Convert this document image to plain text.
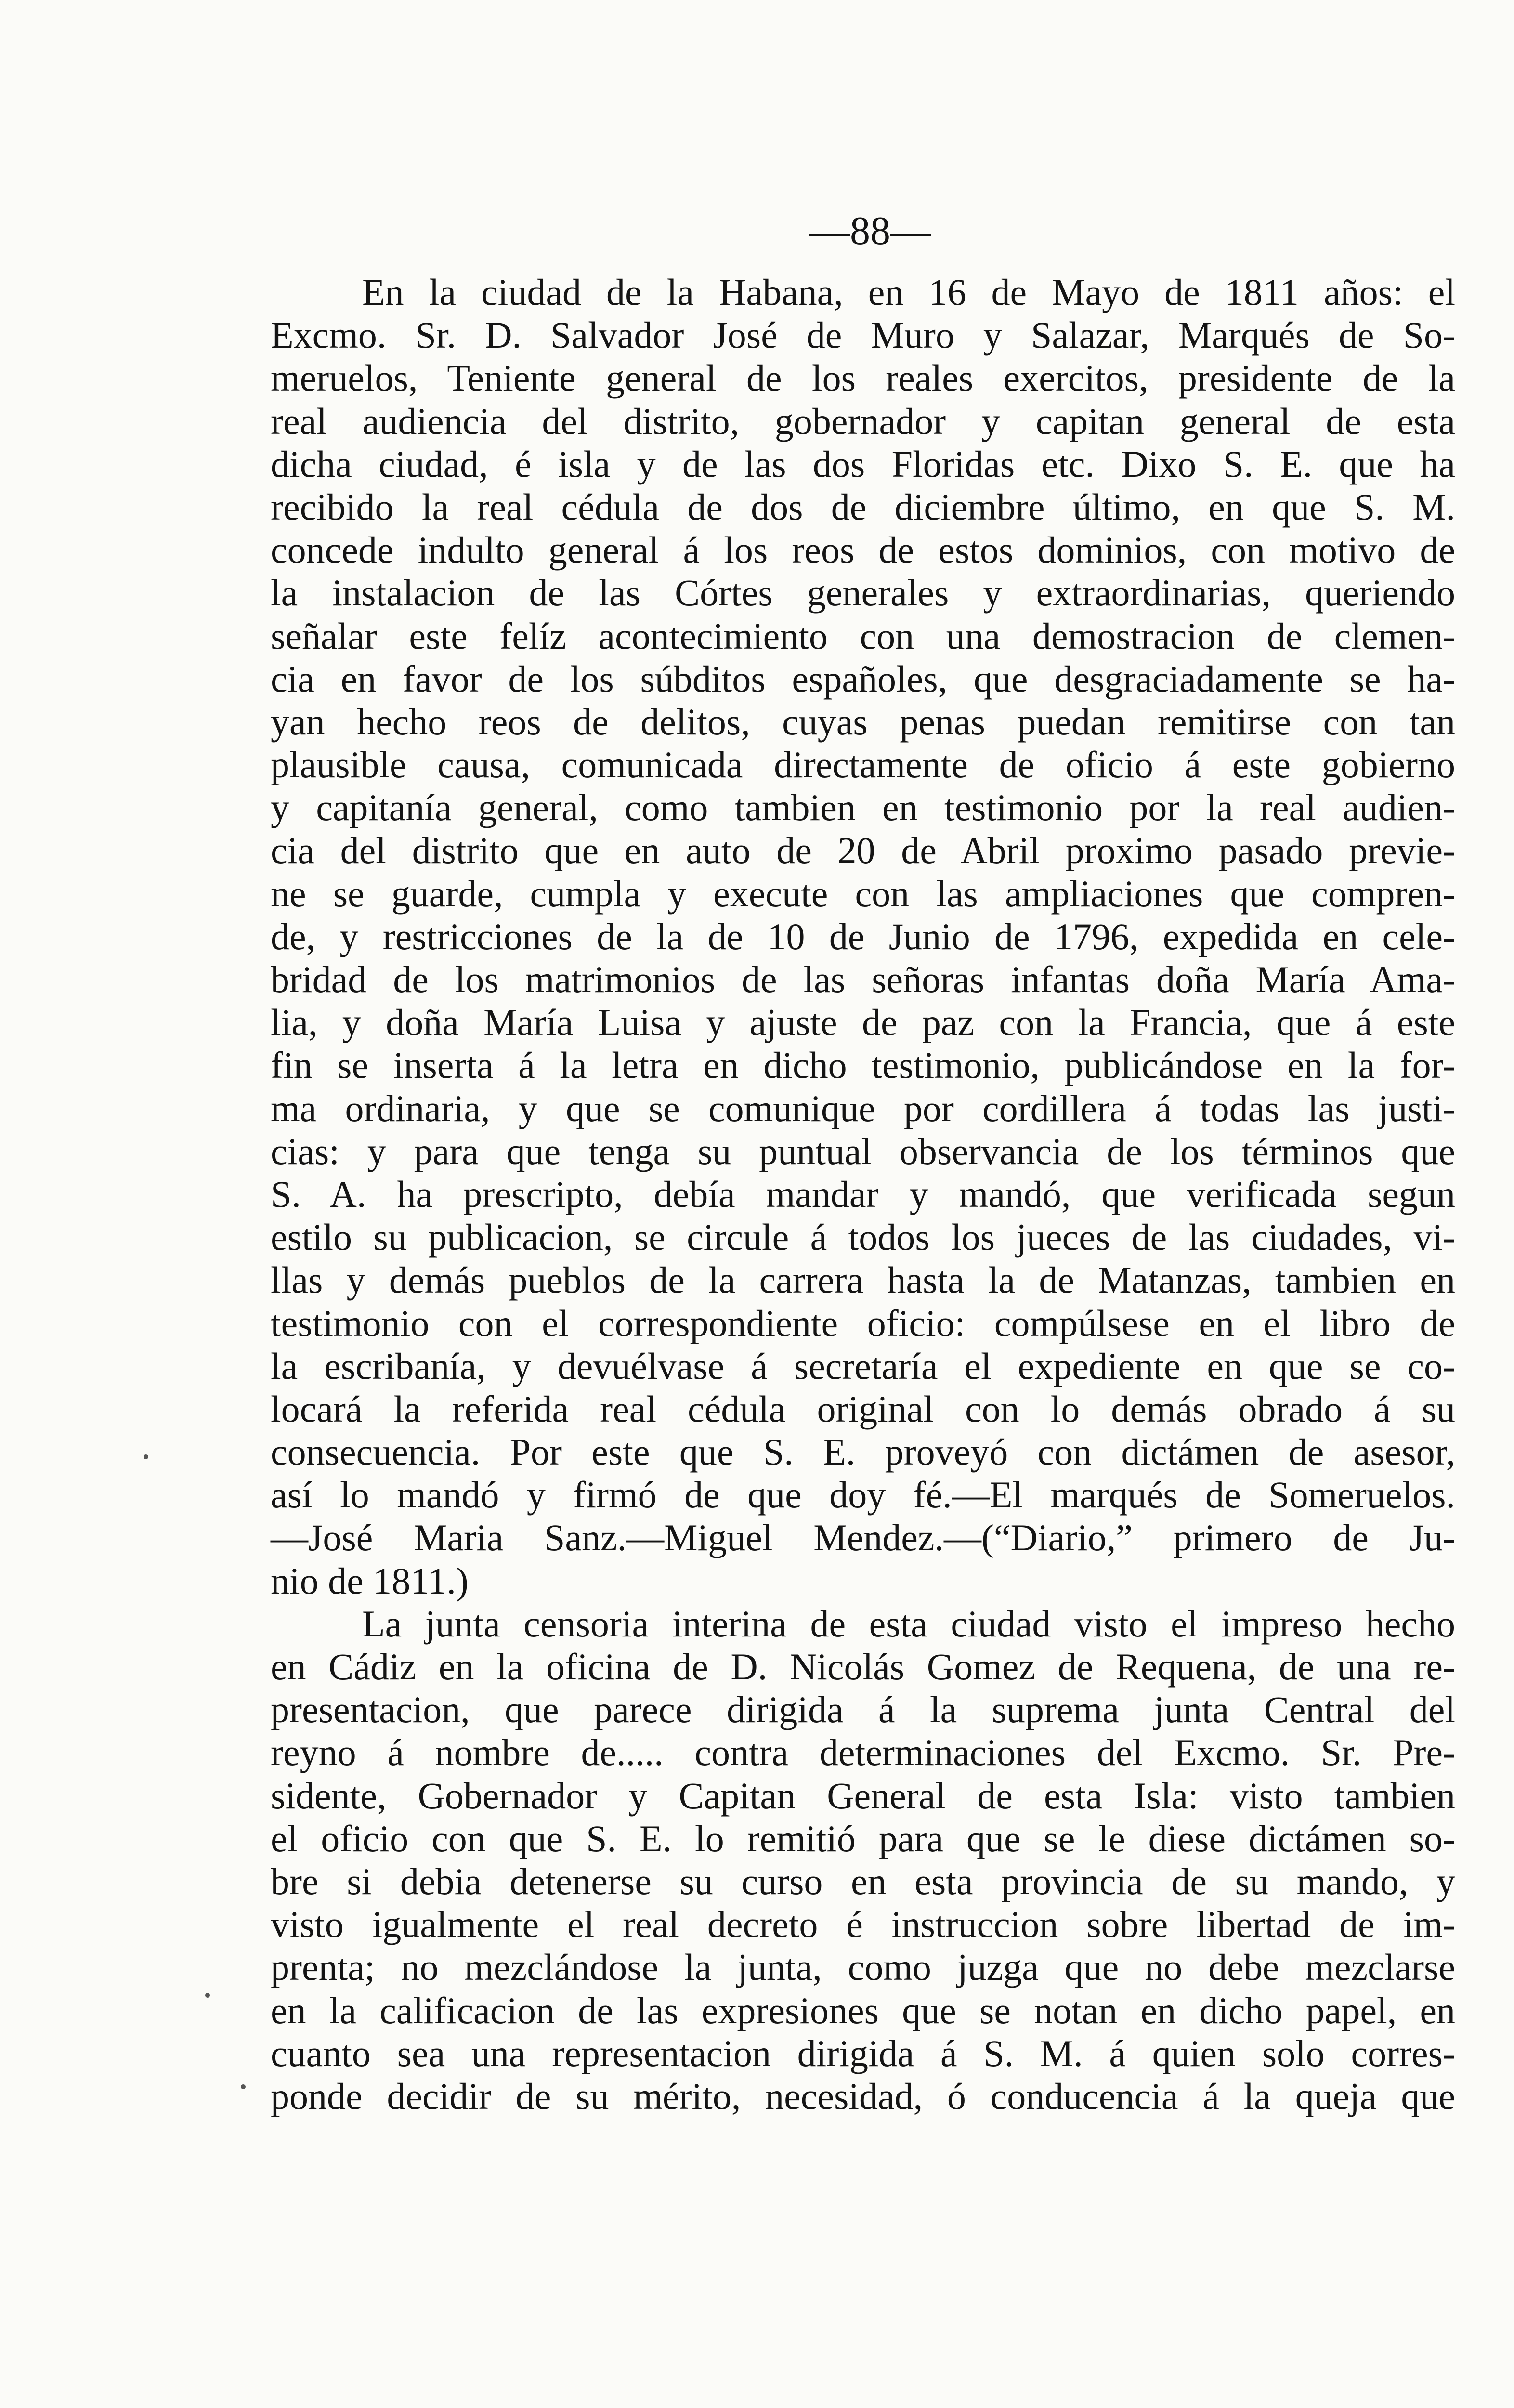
—88—
En la ciudad de la Habana, en 16 de Mayo de 1811 años: el
Excmo. Sr. D. Salvador José de Muro y Salazar, Marqués de So-
meruelos, Teniente general de los reales exercitos, presidente de la
real audiencia del distrito, gobernador y capitan general de esta
dicha ciudad, é isla y de las dos Floridas etc. Dixo S. E. que ha
recibido la real cédula de dos de diciembre último, en que S. M.
concede indulto general á los reos de estos dominios, con motivo de
la instalacion de las Córtes generales y extraordinarias, queriendo
señalar este felíz acontecimiento con una demostracion de clemen-
cia en favor de los súbditos españoles, que desgraciadamente se ha-
yan hecho reos de delitos, cuyas penas puedan remitirse con tan
plausible causa, comunicada directamente de oficio á este gobierno
y capitanía general, como tambien en testimonio por la real audien-
cia del distrito que en auto de 20 de Abril proximo pasado previe-
ne se guarde, cumpla y execute con las ampliaciones que compren-
de, y restricciones de la de 10 de Junio de 1796, expedida en cele-
bridad de los matrimonios de las señoras infantas doña María Ama-
lia, y doña María Luisa y ajuste de paz con la Francia, que á este
fin se inserta á la letra en dicho testimonio, publicándose en la for-
ma ordinaria, y que se comunique por cordillera á todas las justi-
cias: y para que tenga su puntual observancia de los términos que
S. A. ha prescripto, debía mandar y mandó, que verificada segun
estilo su publicacion, se circule á todos los jueces de las ciudades, vi-
llas y demás pueblos de la carrera hasta la de Matanzas, tambien en
testimonio con el correspondiente oficio: compúlsese en el libro de
la escribanía, y devuélvase á secretaría el expediente en que se co-
locará la referida real cédula original con lo demás obrado á su
consecuencia. Por este que S. E. proveyó con dictámen de asesor,
así lo mandó y firmó de que doy fé.—El marqués de Someruelos.
—José Maria Sanz.—Miguel Mendez.—(“Diario,” primero de Ju-
nio de 1811.)
La junta censoria interina de esta ciudad visto el impreso hecho
en Cádiz en la oficina de D. Nicolás Gomez de Requena, de una re-
presentacion, que parece dirigida á la suprema junta Central del
reyno á nombre de..... contra determinaciones del Excmo. Sr. Pre-
sidente, Gobernador y Capitan General de esta Isla: visto tambien
el oficio con que S. E. lo remitió para que se le diese dictámen so-
bre si debia detenerse su curso en esta provincia de su mando, y
visto igualmente el real decreto é instruccion sobre libertad de im-
prenta; no mezclándose la junta, como juzga que no debe mezclarse
en la calificacion de las expresiones que se notan en dicho papel, en
cuanto sea una representacion dirigida á S. M. á quien solo corres-
ponde decidir de su mérito, necesidad, ó conducencia á la queja que
